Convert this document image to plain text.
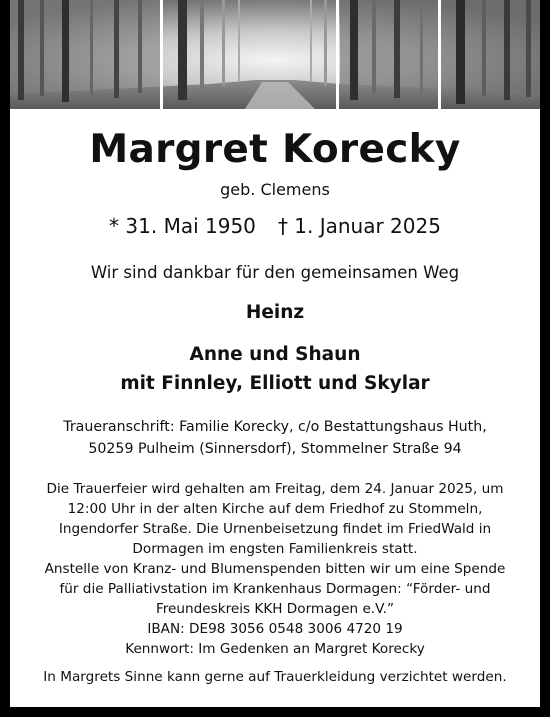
Margret Korecky
geb. Clemens
* 31. Mai 1950 † 1. Januar 2025
Wir sind dankbar für den gemeinsamen Weg
Heinz
Anne und Shaun
mit Finnley, Elliott und Skylar
Traueranschrift: Familie Korecky, c/o Bestattungshaus Huth,
50259 Pulheim (Sinnersdorf), Stommelner Straße 94
Die Trauerfeier wird gehalten am Freitag, dem 24. Januar 2025, um
12:00 Uhr in der alten Kirche auf dem Friedhof zu Stommeln,
Ingendorfer Straße. Die Urnenbeisetzung findet im FriedWald in
Dormagen im engsten Familienkreis statt.
Anstelle von Kranz- und Blumenspenden bitten wir um eine Spende
für die Palliativstation im Krankenhaus Dormagen: “Förder- und
Freundeskreis KKH Dormagen e.V.”
IBAN: DE98 3056 0548 3006 4720 19
Kennwort: Im Gedenken an Margret Korecky
In Margrets Sinne kann gerne auf Trauerkleidung verzichtet werden.
